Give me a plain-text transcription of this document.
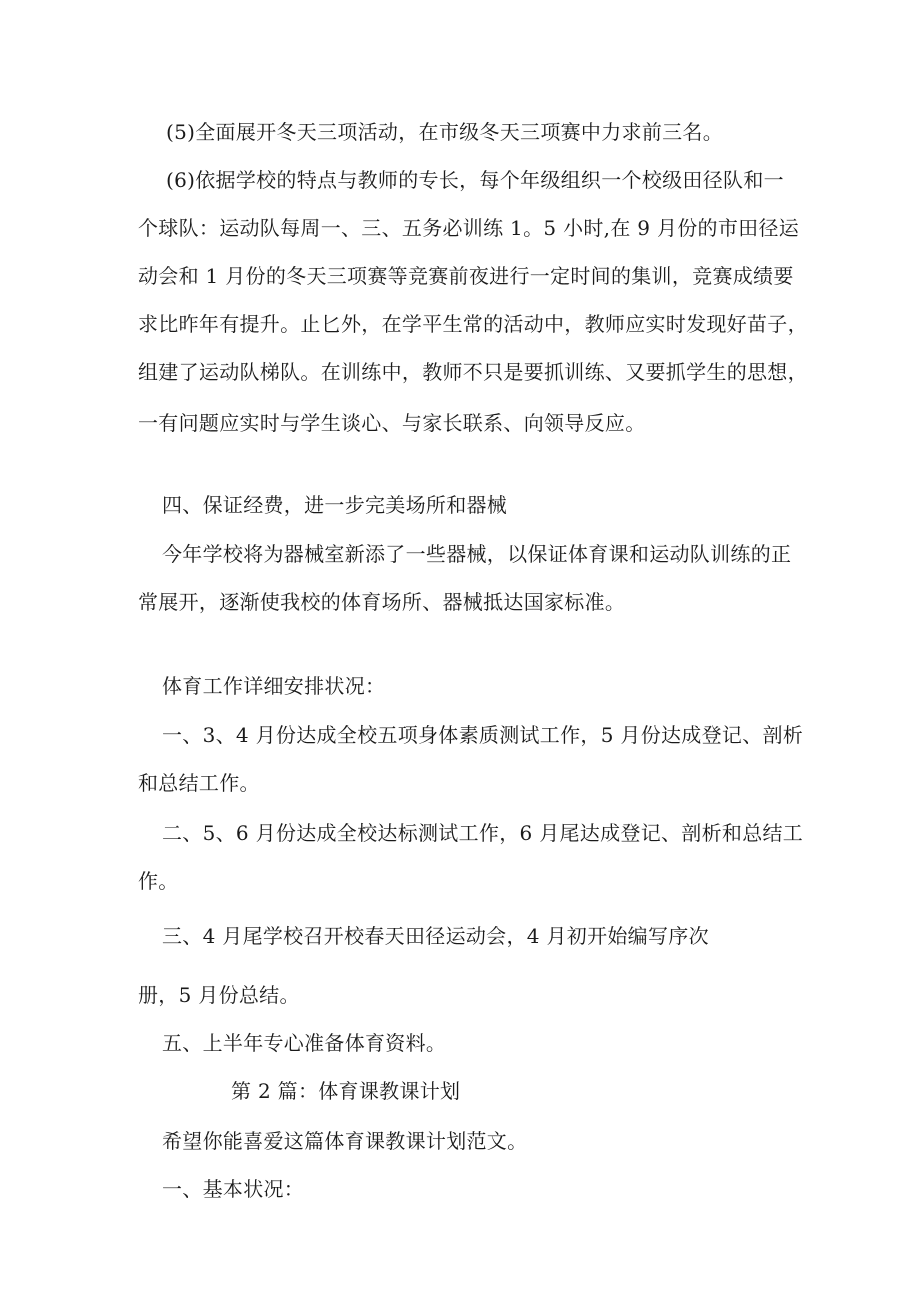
(5)全面展开冬天三项活动，在市级冬天三项赛中力求前三名。
(6)依据学校的特点与教师的专长，每个年级组织一个校级田径队和一
个球队：运动队每周一、三、五务必训练 1。5 小时,在 9 月份的市田径运
动会和 1 月份的冬天三项赛等竞赛前夜进行一定时间的集训，竞赛成绩要
求比昨年有提升。止匕外，在学平生常的活动中，教师应实时发现好苗子，
组建了运动队梯队。在训练中，教师不只是要抓训练、又要抓学生的思想，
一有问题应实时与学生谈心、与家长联系、向领导反应。
四、保证经费，进一步完美场所和器械
今年学校将为器械室新添了一些器械，以保证体育课和运动队训练的正
常展开，逐渐使我校的体育场所、器械抵达国家标准。
体育工作详细安排状况：
一、3、4 月份达成全校五项身体素质测试工作，5 月份达成登记、剖析
和总结工作。
二、5、6 月份达成全校达标测试工作，6 月尾达成登记、剖析和总结工
作。
三、4 月尾学校召开校春天田径运动会，4 月初开始编写序次
册，5 月份总结。
五、上半年专心准备体育资料。
第 2 篇：体育课教课计划
希望你能喜爱这篇体育课教课计划范文。
一、基本状况：
